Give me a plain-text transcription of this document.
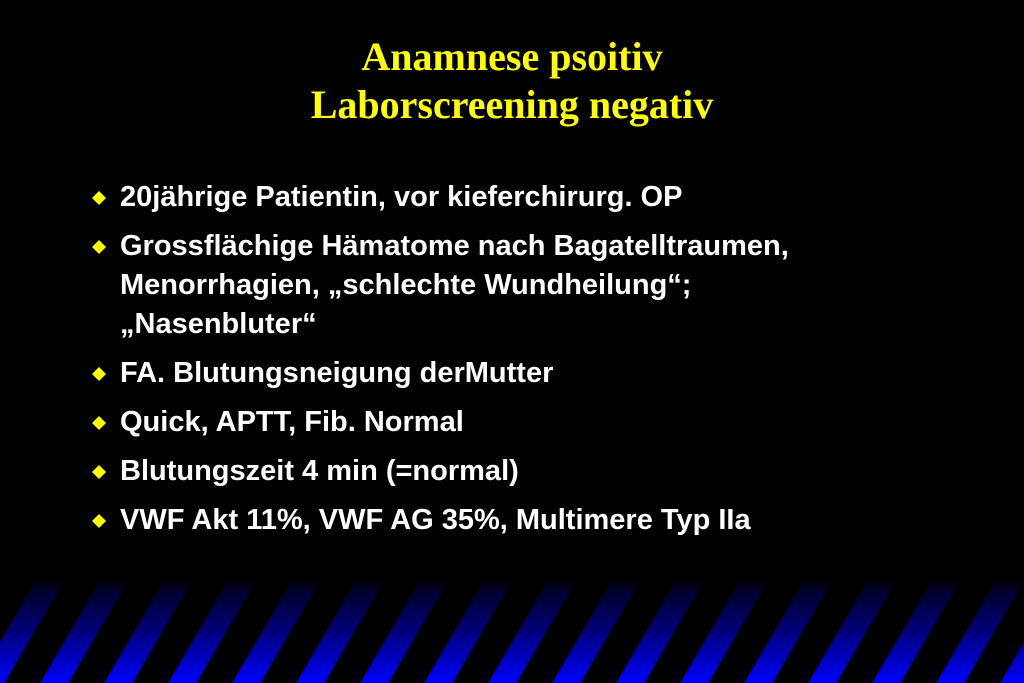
Anamnese psoitiv
Laborscreening negativ
20jährige Patientin, vor kieferchirurg. OP
Grossflächige Hämatome nach Bagatelltraumen,
Menorrhagien, „schlechte Wundheilung“;
„Nasenbluter“
FA. Blutungsneigung derMutter
Quick, APTT, Fib. Normal
Blutungszeit 4 min (=normal)
VWF Akt 11%, VWF AG 35%, Multimere Typ IIa
